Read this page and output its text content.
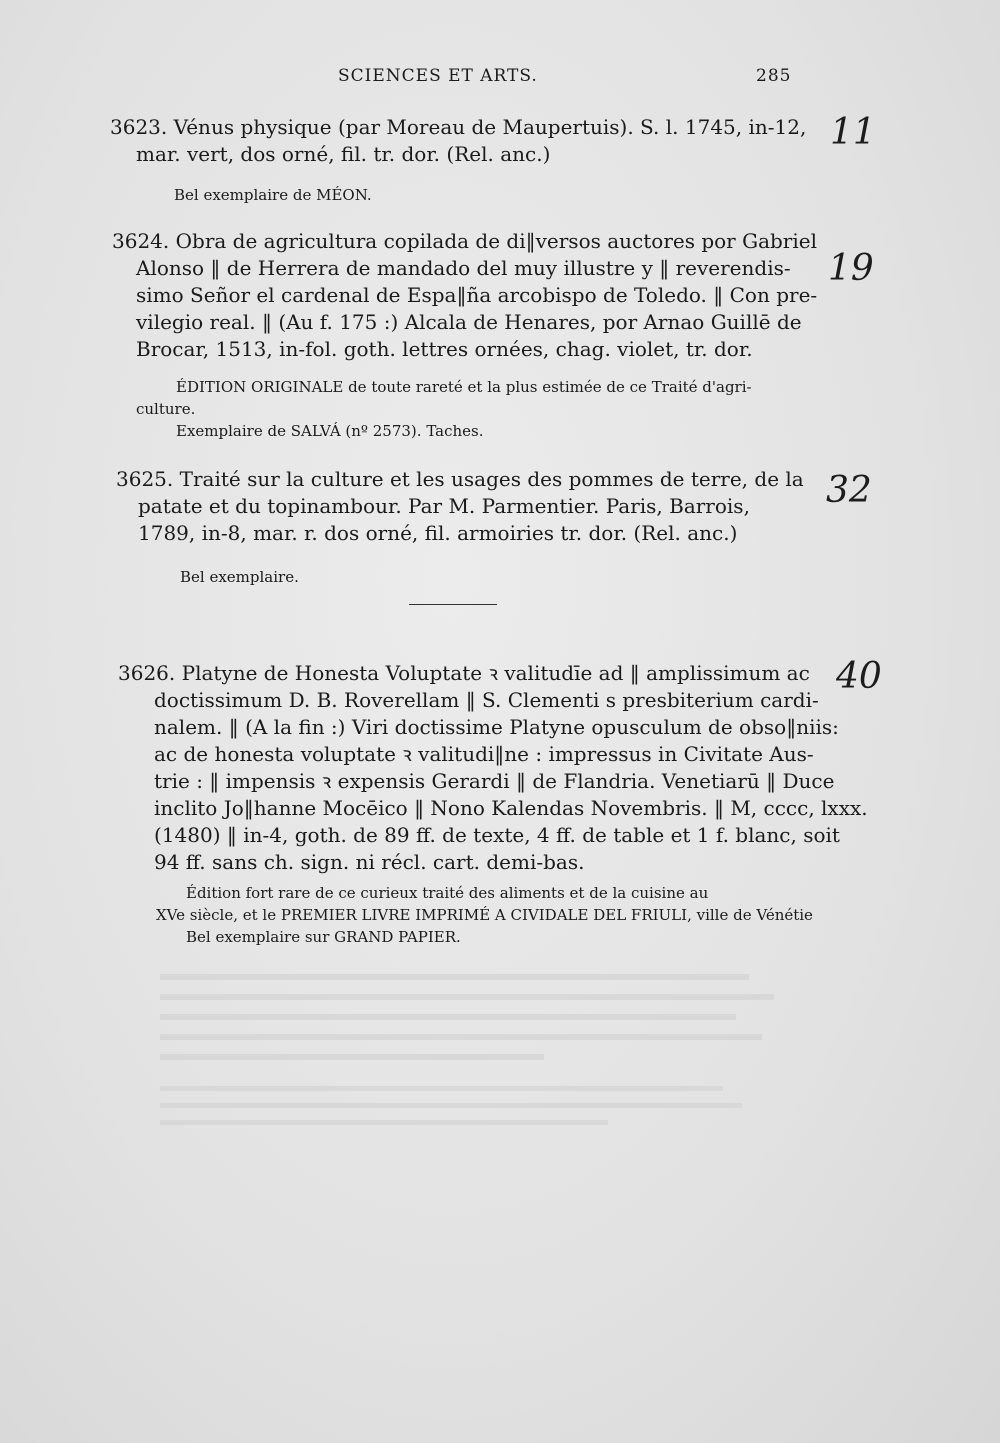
SCIENCES ET ARTS.	285
3623. Vénus physique (par Moreau de Maupertuis). S. l. 1745, in-12,
mar. vert, dos orné, fil. tr. dor. (Rel. anc.)
Bel exemplaire de MÉON.
11
3624. Obra de agricultura copilada de di‖versos auctores por Gabriel
Alonso ‖ de Herrera de mandado del muy illustre y ‖ reverendis-
simo Señor el cardenal de Espa‖ña arcobispo de Toledo. ‖ Con pre-
vilegio real. ‖ (Au f. 175 :) Alcala de Henares, por Arnao Guillē de
Brocar, 1513, in-fol. goth. lettres ornées, chag. violet, tr. dor.
ÉDITION ORIGINALE de toute rareté et la plus estimée de ce Traité d'agri-
culture.
Exemplaire de SALVÁ (nº 2573). Taches.
19
3625. Traité sur la culture et les usages des pommes de terre, de la
patate et du topinambour. Par M. Parmentier. Paris, Barrois,
1789, in-8, mar. r. dos orné, fil. armoiries tr. dor. (Rel. anc.)
Bel exemplaire.
32
3626. Platyne de Honesta Voluptate ꝛ valitudīe ad ‖ amplissimum ac
doctissimum D. B. Roverellam ‖ S. Clementi s presbiterium cardi-
nalem. ‖ (A la fin :) Viri doctissime Platyne opusculum de obso‖niis:
ac de honesta voluptate ꝛ valitudi‖ne : impressus in Civitate Aus-
trie : ‖ impensis ꝛ expensis Gerardi ‖ de Flandria. Venetiarū ‖ Duce
inclito Jo‖hanne Mocēico ‖ Nono Kalendas Novembris. ‖ M, cccc, lxxx.
(1480) ‖ in-4, goth. de 89 ff. de texte, 4 ff. de table et 1 f. blanc, soit
94 ff. sans ch. sign. ni récl. cart. demi-bas.
Édition fort rare de ce curieux traité des aliments et de la cuisine au
XVe siècle, et le PREMIER LIVRE IMPRIMÉ A CIVIDALE DEL FRIULI, ville de Vénétie
Bel exemplaire sur GRAND PAPIER.
40
